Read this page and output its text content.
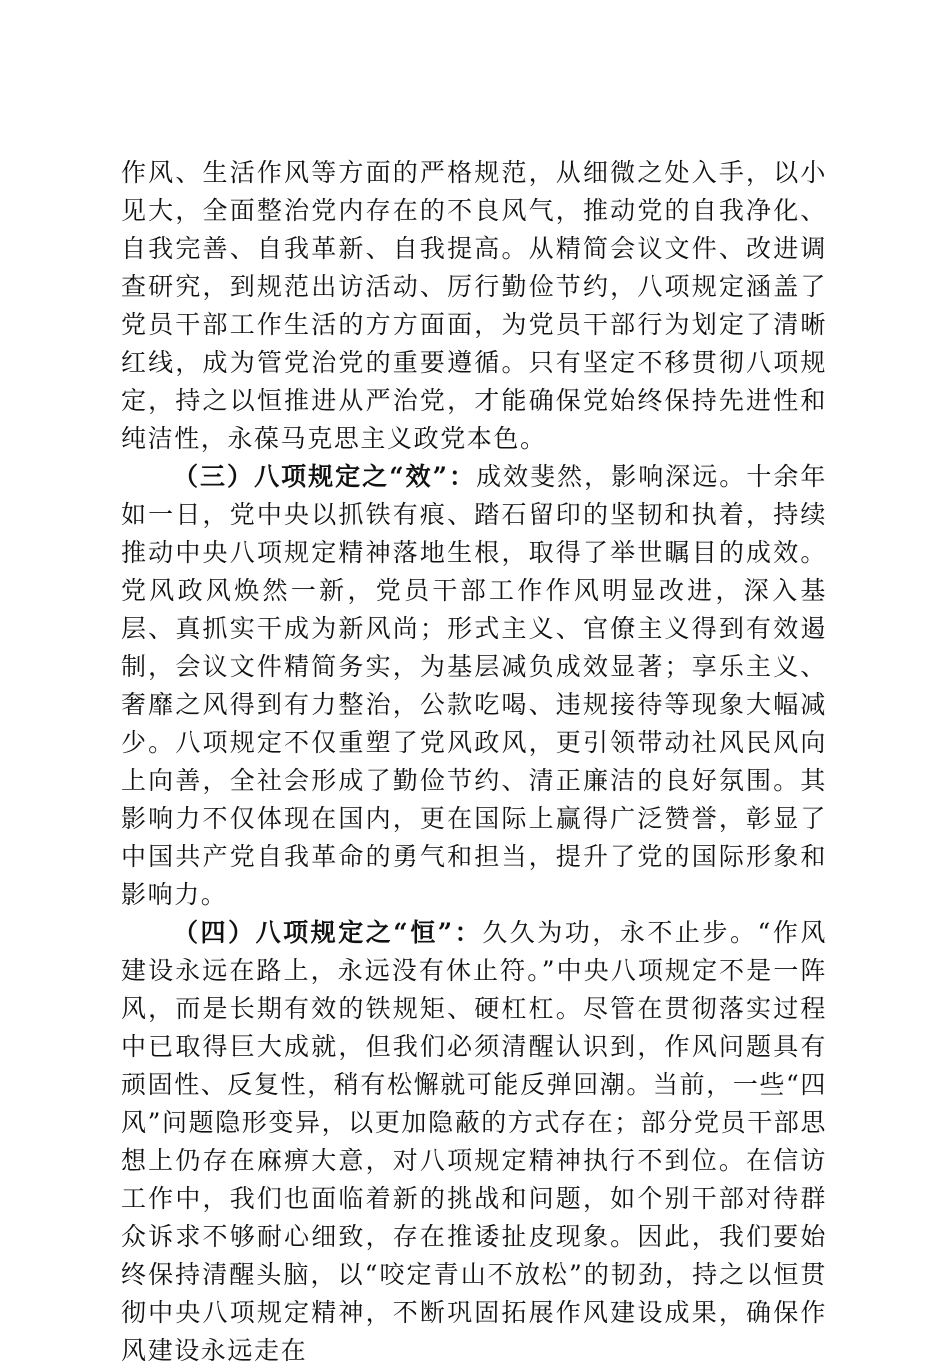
作风、生活作风等方面的严格规范，从细微之处入手，以小见大，全面整治党内存在的不良风气，推动党的自我净化、自我完善、自我革新、自我提高。从精简会议文件、改进调查研究，到规范出访活动、厉行勤俭节约，八项规定涵盖了党员干部工作生活的方方面面，为党员干部行为划定了清晰红线，成为管党治党的重要遵循。只有坚定不移贯彻八项规定，持之以恒推进从严治党，才能确保党始终保持先进性和纯洁性，永葆马克思主义政党本色。

（三）八项规定之“效”：成效斐然，影响深远。十余年如一日，党中央以抓铁有痕、踏石留印的坚韧和执着，持续推动中央八项规定精神落地生根，取得了举世瞩目的成效。党风政风焕然一新，党员干部工作作风明显改进，深入基层、真抓实干成为新风尚；形式主义、官僚主义得到有效遏制，会议文件精简务实，为基层减负成效显著；享乐主义、奢靡之风得到有力整治，公款吃喝、违规接待等现象大幅减少。八项规定不仅重塑了党风政风，更引领带动社风民风向上向善，全社会形成了勤俭节约、清正廉洁的良好氛围。其影响力不仅体现在国内，更在国际上赢得广泛赞誉，彰显了中国共产党自我革命的勇气和担当，提升了党的国际形象和影响力。

（四）八项规定之“恒”：久久为功，永不止步。“作风建设永远在路上，永远没有休止符。”中央八项规定不是一阵风，而是长期有效的铁规矩、硬杠杠。尽管在贯彻落实过程中已取得巨大成就，但我们必须清醒认识到，作风问题具有顽固性、反复性，稍有松懈就可能反弹回潮。当前，一些“四风”问题隐形变异，以更加隐蔽的方式存在；部分党员干部思想上仍存在麻痹大意，对八项规定精神执行不到位。在信访工作中，我们也面临着新的挑战和问题，如个别干部对待群众诉求不够耐心细致，存在推诿扯皮现象。因此，我们要始终保持清醒头脑，以“咬定青山不放松”的韧劲，持之以恒贯彻中央八项规定精神，不断巩固拓展作风建设成果，确保作风建设永远走在
